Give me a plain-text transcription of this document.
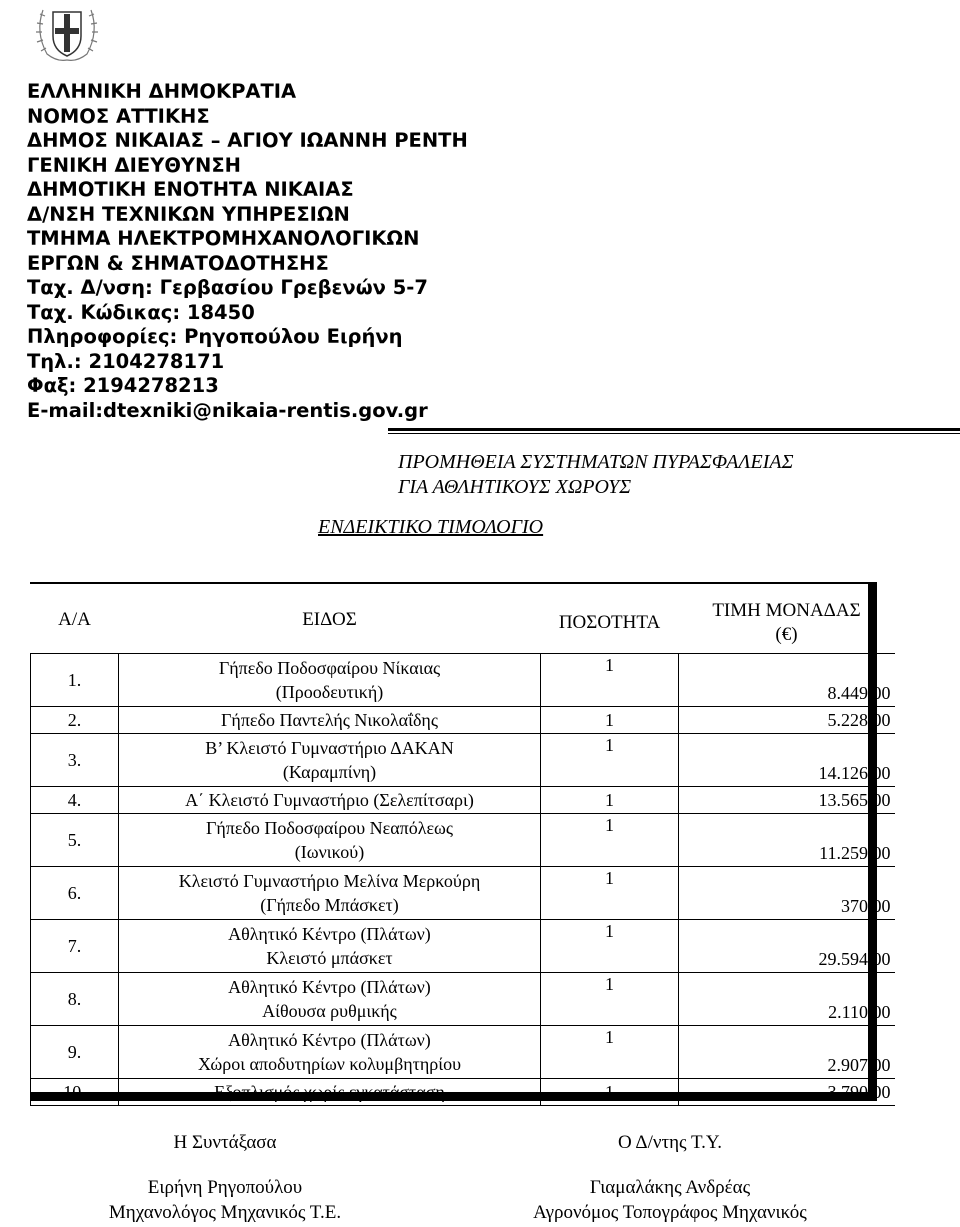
ΕΛΛΗΝΙΚΗ ΔΗΜΟΚΡΑΤΙΑ
ΝΟΜΟΣ ΑΤΤΙΚΗΣ
ΔΗΜΟΣ ΝΙΚΑΙΑΣ – ΑΓΙΟΥ ΙΩΑΝΝΗ ΡΕΝΤΗ
ΓΕΝΙΚΗ ΔΙΕΥΘΥΝΣΗ
ΔΗΜΟΤΙΚΗ ΕΝΟΤΗΤΑ ΝΙΚΑΙΑΣ
Δ/ΝΣΗ ΤΕΧΝΙΚΩΝ ΥΠΗΡΕΣΙΩΝ
ΤΜΗΜΑ ΗΛΕΚΤΡΟΜΗΧΑΝΟΛΟΓΙΚΩΝ
ΕΡΓΩΝ & ΣΗΜΑΤΟΔΟΤΗΣΗΣ
Ταχ. Δ/νση: Γερβασίου Γρεβενών 5-7
Ταχ. Κώδικας: 18450
Πληροφορίες: Ρηγοπούλου Ειρήνη
Τηλ.: 2104278171
Φαξ: 2194278213
E-mail:dtexniki@nikaia-rentis.gov.gr
ΠΡΟΜΗΘΕΙΑ ΣΥΣΤΗΜΑΤΩΝ ΠΥΡΑΣΦΑΛΕΙΑΣ
ΓΙΑ ΑΘΛΗΤΙΚΟΥΣ ΧΩΡΟΥΣ
ΕΝΔΕΙΚΤΙΚΟ ΤΙΜΟΛΟΓΙΟ
Α/Α	ΕΙΔΟΣ	ΠΟΣΟΤΗΤΑ	ΤΙΜΗ ΜΟΝΑΔΑΣ
(€)

1.	Γήπεδο Ποδοσφαίρου Νίκαιας
(Προοδευτική)	1	8.449,00
2.	Γήπεδο Παντελής Νικολαΐδης	1	5.228,00
3.	Β’ Κλειστό Γυμναστήριο ΔΑΚΑΝ
(Καραμπίνη)	1	14.126,00
4.	Α΄ Κλειστό Γυμναστήριο (Σελεπίτσαρι)	1	13.565,00
5.	Γήπεδο Ποδοσφαίρου Νεαπόλεως
(Ιωνικού)	1	11.259,00
6.	Κλειστό Γυμναστήριο Μελίνα Μερκούρη
(Γήπεδο Μπάσκετ)	1	370,00
7.	Αθλητικό Κέντρο (Πλάτων)
Κλειστό μπάσκετ	1	29.594,00
8.	Αθλητικό Κέντρο (Πλάτων)
Αίθουσα ρυθμικής	1	2.110,00
9.	Αθλητικό Κέντρο (Πλάτων)
Χώροι αποδυτηρίων κολυμβητηρίου	1	2.907,00
10.	Εξοπλισμός χωρίς εγκατάσταση	1	3.790,00
Η Συντάξασα
Ειρήνη Ρηγοπούλου
Μηχανολόγος Μηχανικός Τ.Ε.
Ο Δ/ντης Τ.Υ.
Γιαμαλάκης Ανδρέας
Αγρονόμος Τοπογράφος Μηχανικός
